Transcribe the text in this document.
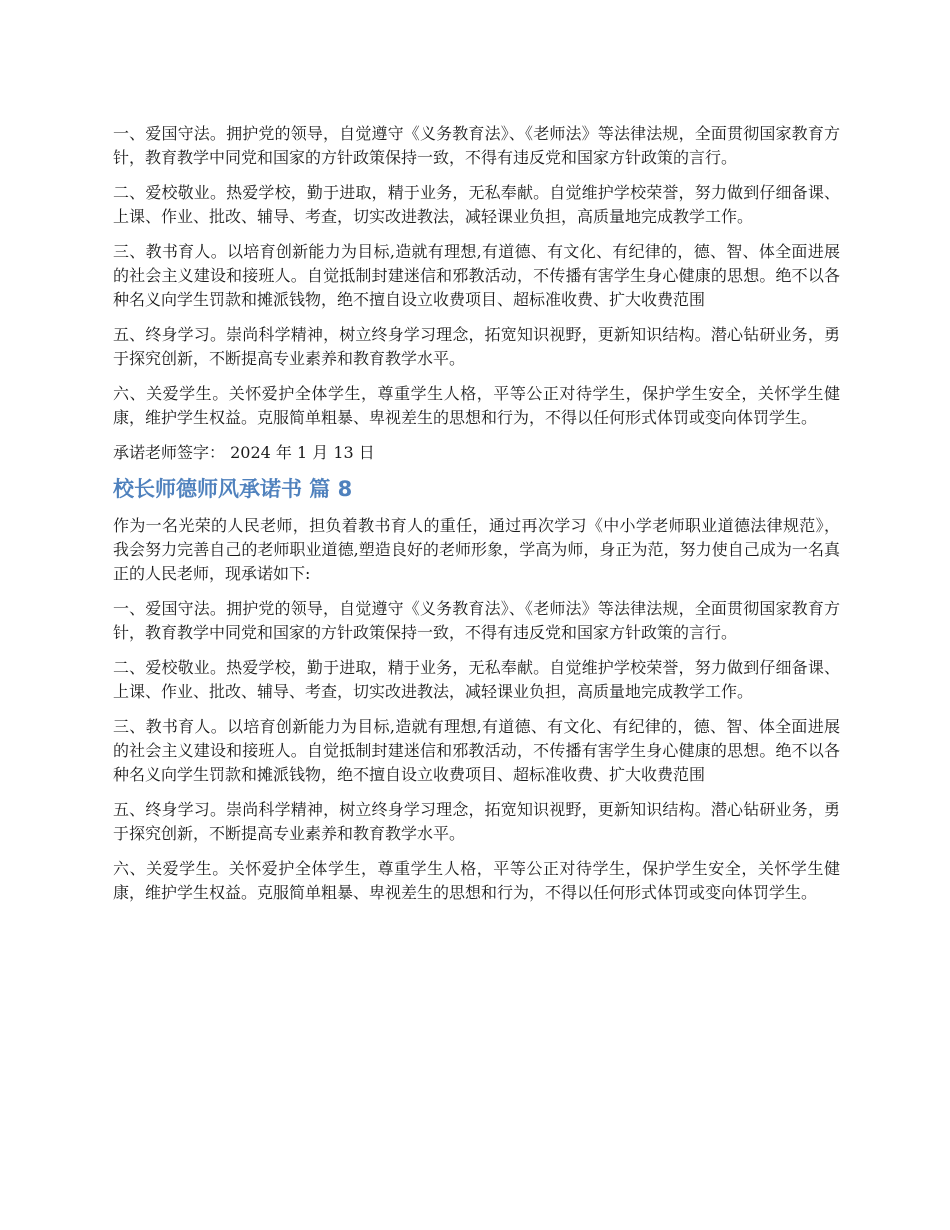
一、爱国守法。拥护党的领导，自觉遵守《义务教育法》、《老师法》等法律法规，全面贯彻国家教育方针，教育教学中同党和国家的方针政策保持一致，不得有违反党和国家方针政策的言行。

二、爱校敬业。热爱学校，勤于进取，精于业务，无私奉献。自觉维护学校荣誉，努力做到仔细备课、上课、作业、批改、辅导、考查，切实改进教法，减轻课业负担，高质量地完成教学工作。

三、教书育人。以培育创新能力为目标,造就有理想,有道德、有文化、有纪律的，德、智、体全面进展的社会主义建设和接班人。自觉抵制封建迷信和邪教活动，不传播有害学生身心健康的思想。绝不以各种名义向学生罚款和摊派钱物，绝不擅自设立收费项目、超标准收费、扩大收费范围

五、终身学习。崇尚科学精神，树立终身学习理念，拓宽知识视野，更新知识结构。潜心钻研业务，勇于探究创新，不断提高专业素养和教育教学水平。

六、关爱学生。关怀爱护全体学生，尊重学生人格，平等公正对待学生，保护学生安全，关怀学生健康，维护学生权益。克服简单粗暴、卑视差生的思想和行为，不得以任何形式体罚或变向体罚学生。

承诺老师签字： 2024 年 1 月 13 日

校长师德师风承诺书 篇 8

作为一名光荣的人民老师，担负着教书育人的重任，通过再次学习《中小学老师职业道德法律规范》，我会努力完善自己的老师职业道德,塑造良好的老师形象，学高为师，身正为范，努力使自己成为一名真正的人民老师，现承诺如下:

一、爱国守法。拥护党的领导，自觉遵守《义务教育法》、《老师法》等法律法规，全面贯彻国家教育方针，教育教学中同党和国家的方针政策保持一致，不得有违反党和国家方针政策的言行。

二、爱校敬业。热爱学校，勤于进取，精于业务，无私奉献。自觉维护学校荣誉，努力做到仔细备课、上课、作业、批改、辅导、考查，切实改进教法，减轻课业负担，高质量地完成教学工作。

三、教书育人。以培育创新能力为目标,造就有理想,有道德、有文化、有纪律的，德、智、体全面进展的社会主义建设和接班人。自觉抵制封建迷信和邪教活动，不传播有害学生身心健康的思想。绝不以各种名义向学生罚款和摊派钱物，绝不擅自设立收费项目、超标准收费、扩大收费范围

五、终身学习。崇尚科学精神，树立终身学习理念，拓宽知识视野，更新知识结构。潜心钻研业务，勇于探究创新，不断提高专业素养和教育教学水平。

六、关爱学生。关怀爱护全体学生，尊重学生人格，平等公正对待学生，保护学生安全，关怀学生健康，维护学生权益。克服简单粗暴、卑视差生的思想和行为，不得以任何形式体罚或变向体罚学生。
